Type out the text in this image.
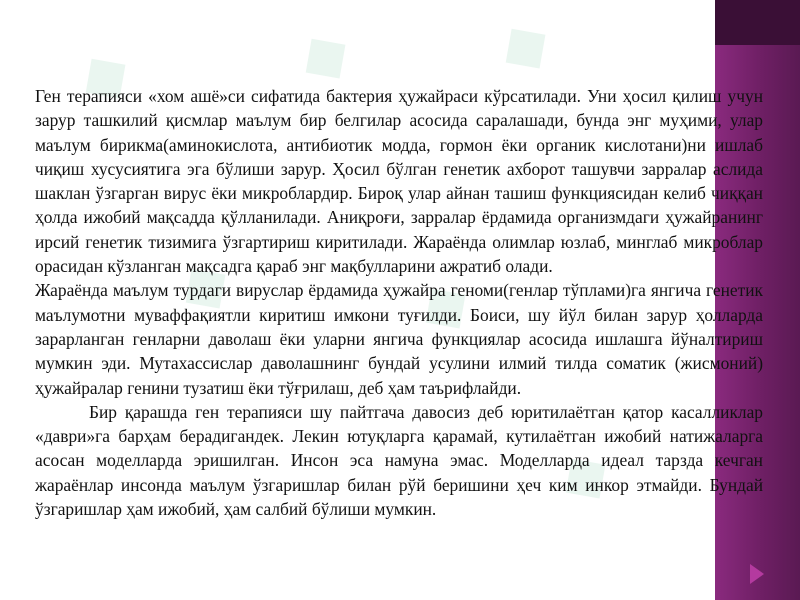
◆ ◆ ◆
◆	◆
◆

Ген терапияси «хом ашё»си сифатида бактерия ҳужайраси кўрсатилади. Уни ҳосил қилиш учун зарур ташкилий қисмлар маълум бир белгилар асосида саралашади, бунда энг муҳими, улар маълум бирикма(аминокислота, антибиотик модда, гормон ёки органик кислотани)ни ишлаб чиқиш хусусиятига эга бўлиши зарур. Ҳосил бўлган генетик ахборот ташувчи зарралар аслида шаклан ўзгарган вирус ёки микроблардир. Бироқ улар айнан ташиш функциясидан келиб чиққан ҳолда ижобий мақсадда қўлланилади. Аниқроғи, зарралар ёрдамида организмдаги ҳужайранинг ирсий генетик тизимига ўзгартириш киритилади. Жараёнда олимлар юзлаб, минглаб микроблар орасидан кўзланган мақсадга қараб энг мақбулларини ажратиб олади.

Жараёнда маълум турдаги вируслар ёрдамида ҳужайра геноми(генлар тўплами)га янгича генетик маълумотни муваффақиятли киритиш имкони туғилди. Боиси, шу йўл билан зарур ҳолларда зарарланган генларни даволаш ёки уларни янгича функциялар асосида ишлашга йўналтириш мумкин эди. Мутахассислар даволашнинг бундай усулини илмий тилда соматик (жисмоний) ҳужайралар генини тузатиш ёки тўғрилаш, деб ҳам таърифлайди.

Бир қарашда ген терапияси шу пайтгача давосиз деб юритилаётган қатор касалликлар «даври»га барҳам берадигандек. Лекин ютуқларга қарамай, кутилаётган ижобий натижаларга асосан моделларда эришилган. Инсон эса намуна эмас. Моделларда идеал тарзда кечган жараёнлар инсонда маълум ўзгаришлар билан рўй беришини ҳеч ким инкор этмайди. Бундай ўзгаришлар ҳам ижобий, ҳам салбий бўлиши мумкин.
